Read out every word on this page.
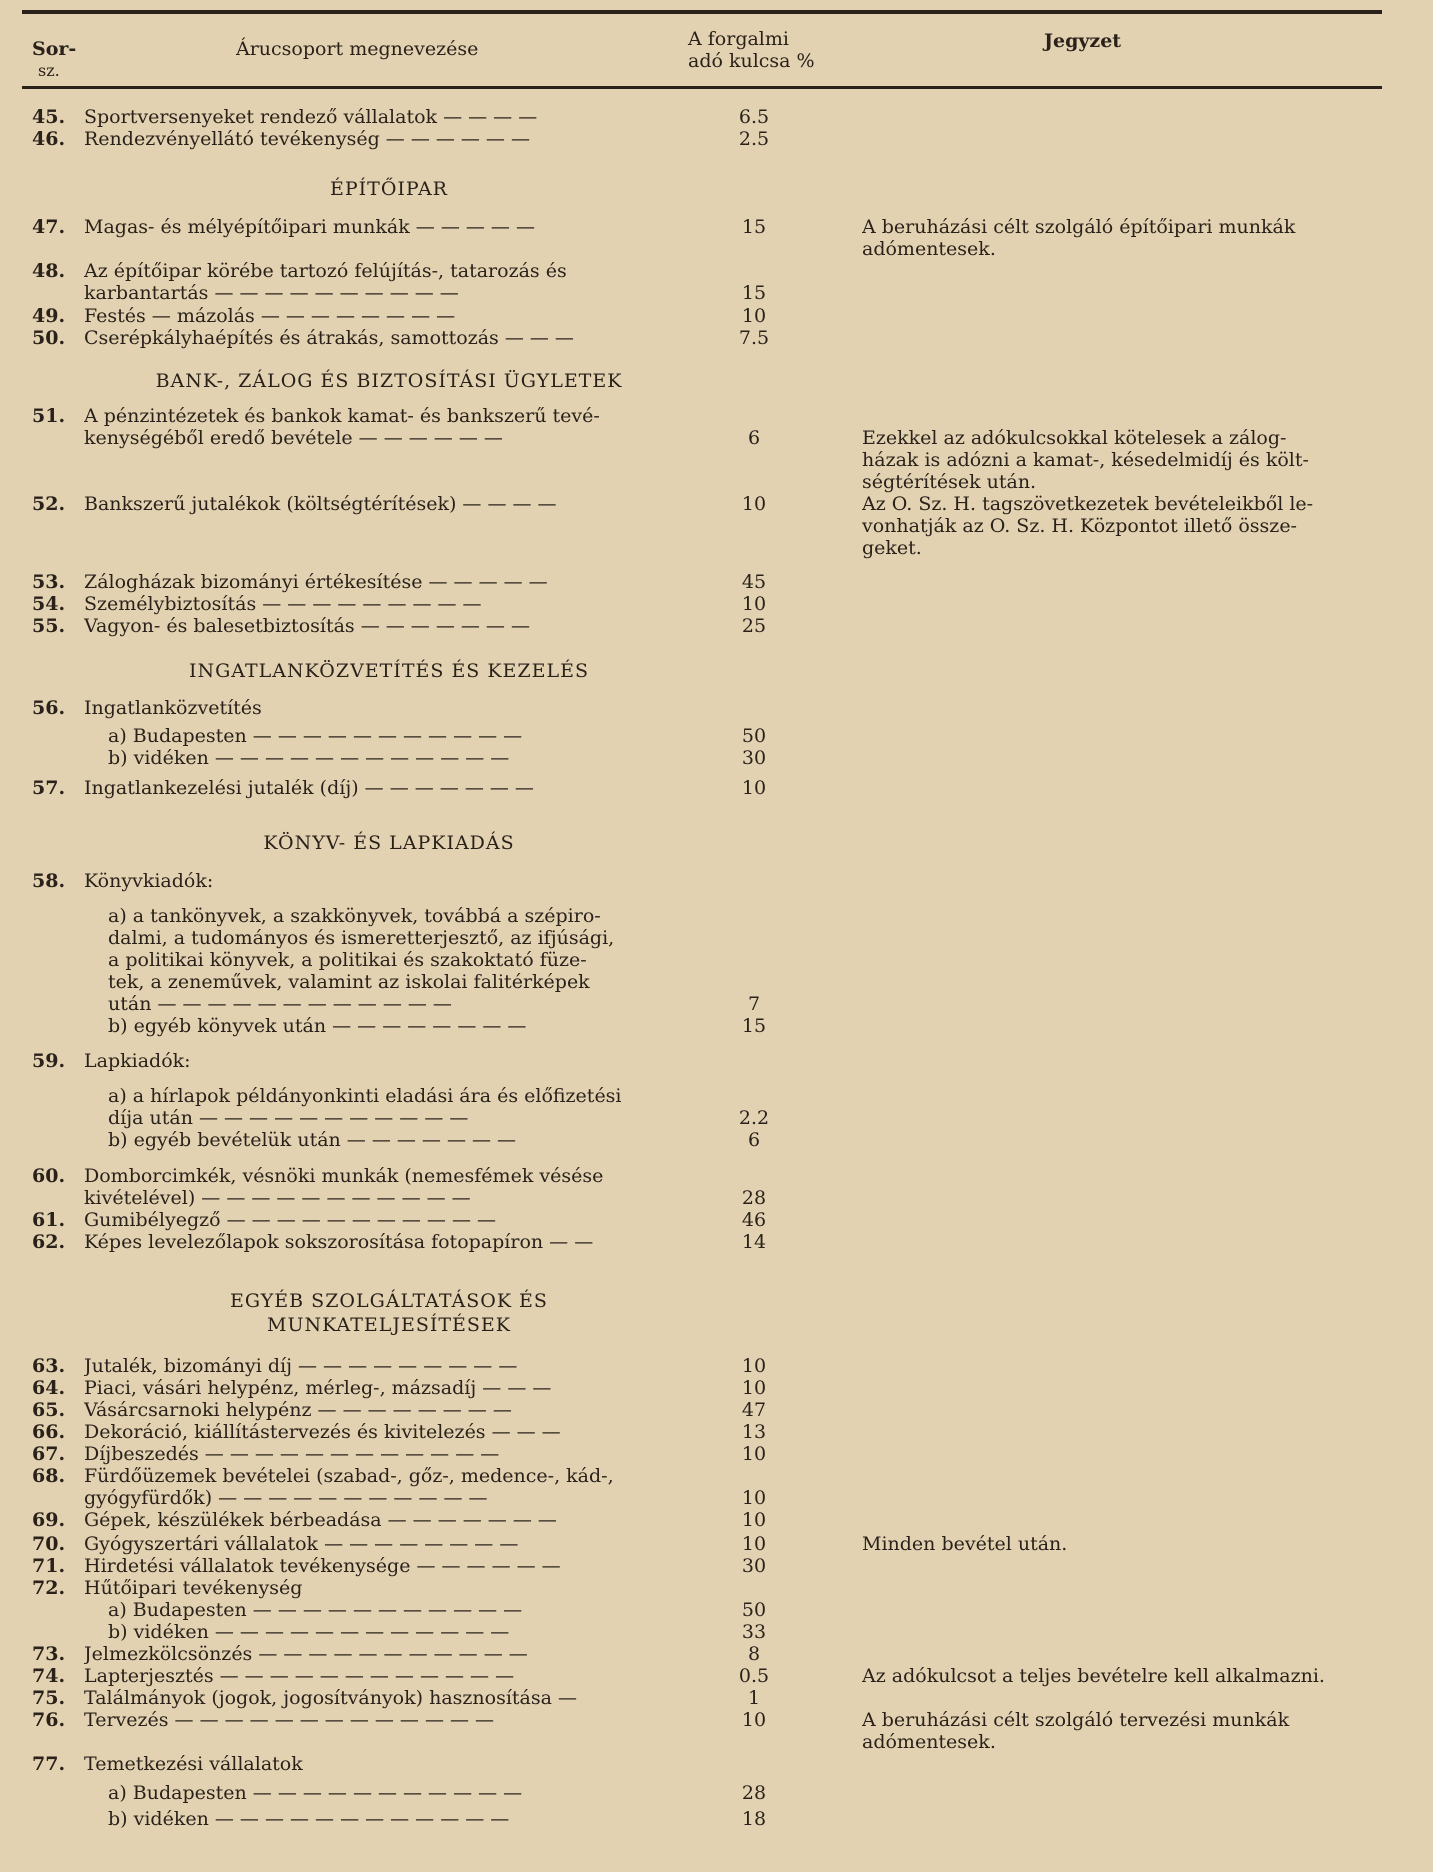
Sor-
sz.
Árucsoport megnevezése	A forgalmi
adó kulcsa %
Jegyzet
45. Sportversenyeket rendező vállalatok — — — —	6.5
46. Rendezvényellátó tevékenység — — — — — —	2.5
ÉPÍTŐIPAR
47. Magas- és mélyépítőipari munkák — — — — —	15	A beruházási célt szolgáló építőipari munkák
adómentesek.
48. Az építőipar körébe tartozó felújítás-, tatarozás és
karbantartás — — — — — — — — — —	15
49. Festés — mázolás — — — — — — — —	10
50. Cserépkályhaépítés és átrakás, samottozás — — —	7.5
BANK-, ZÁLOG ÉS BIZTOSÍTÁSI ÜGYLETEK
51. A pénzintézetek és bankok kamat- és bankszerű tevé-
kenységéből eredő bevétele — — — — — —	6	Ezekkel az adókulcsokkal kötelesek a zálog-
házak is adózni a kamat-, késedelmidíj és költ-
ségtérítések után.
52. Bankszerű jutalékok (költségtérítések) — — — —	10	Az O. Sz. H. tagszövetkezetek bevételeikből le-
vonhatják az O. Sz. H. Központot illető össze-
geket.
53. Zálogházak bizományi értékesítése — — — — —	45
54. Személybiztosítás — — — — — — — — —	10
55. Vagyon- és balesetbiztosítás — — — — — — —	25
INGATLANKÖZVETÍTÉS ÉS KEZELÉS
56. Ingatlanközvetítés
a) Budapesten — — — — — — — — — — —	50
b) vidéken — — — — — — — — — — — —	30
57. Ingatlankezelési jutalék (díj) — — — — — — —	10
KÖNYV- ÉS LAPKIADÁS
58. Könyvkiadók:
a) a tankönyvek, a szakkönyvek, továbbá a szépiro-
dalmi, a tudományos és ismeretterjesztő, az ifjúsági,
a politikai könyvek, a politikai és szakoktató füze-
tek, a zeneművek, valamint az iskolai falitérképek
után — — — — — — — — — — — —	7
b) egyéb könyvek után — — — — — — — —	15
59. Lapkiadók:
a) a hírlapok példányonkinti eladási ára és előfizetési
díja után — — — — — — — — — — —	2.2
b) egyéb bevételük után — — — — — — —	6
60. Domborcimkék, vésnöki munkák (nemesfémek vésése
kivételével) — — — — — — — — — — —	28
61. Gumibélyegző — — — — — — — — — — —	46
62. Képes levelezőlapok sokszorosítása fotopapíron — —	14
EGYÉB SZOLGÁLTATÁSOK ÉS
MUNKATELJESÍTÉSEK
63. Jutalék, bizományi díj — — — — — — — — —	10
64. Piaci, vásári helypénz, mérleg-, mázsadíj — — —	10
65. Vásárcsarnoki helypénz — — — — — — — —	47
66. Dekoráció, kiállítástervezés és kivitelezés — — —	13
67. Díjbeszedés — — — — — — — — — — — —	10
68. Fürdőüzemek bevételei (szabad-, gőz-, medence-, kád-,
gyógyfürdők) — — — — — — — — — — —	10
69. Gépek, készülékek bérbeadása — — — — — — —	10
70. Gyógyszertári vállalatok — — — — — — — —	10	Minden bevétel után.
71. Hirdetési vállalatok tevékenysége — — — — — —	30
72. Hűtőipari tevékenység
a) Budapesten — — — — — — — — — — —	50
b) vidéken — — — — — — — — — — — —	33
73. Jelmezkölcsönzés — — — — — — — — — — —	8
74. Lapterjesztés — — — — — — — — — — — —	0.5	Az adókulcsot a teljes bevételre kell alkalmazni.
75. Találmányok (jogok, jogosítványok) hasznosítása —	1
76. Tervezés — — — — — — — — — — — — —	10	A beruházási célt szolgáló tervezési munkák
adómentesek.
77. Temetkezési vállalatok
a) Budapesten — — — — — — — — — — —	28
b) vidéken — — — — — — — — — — — —	18
